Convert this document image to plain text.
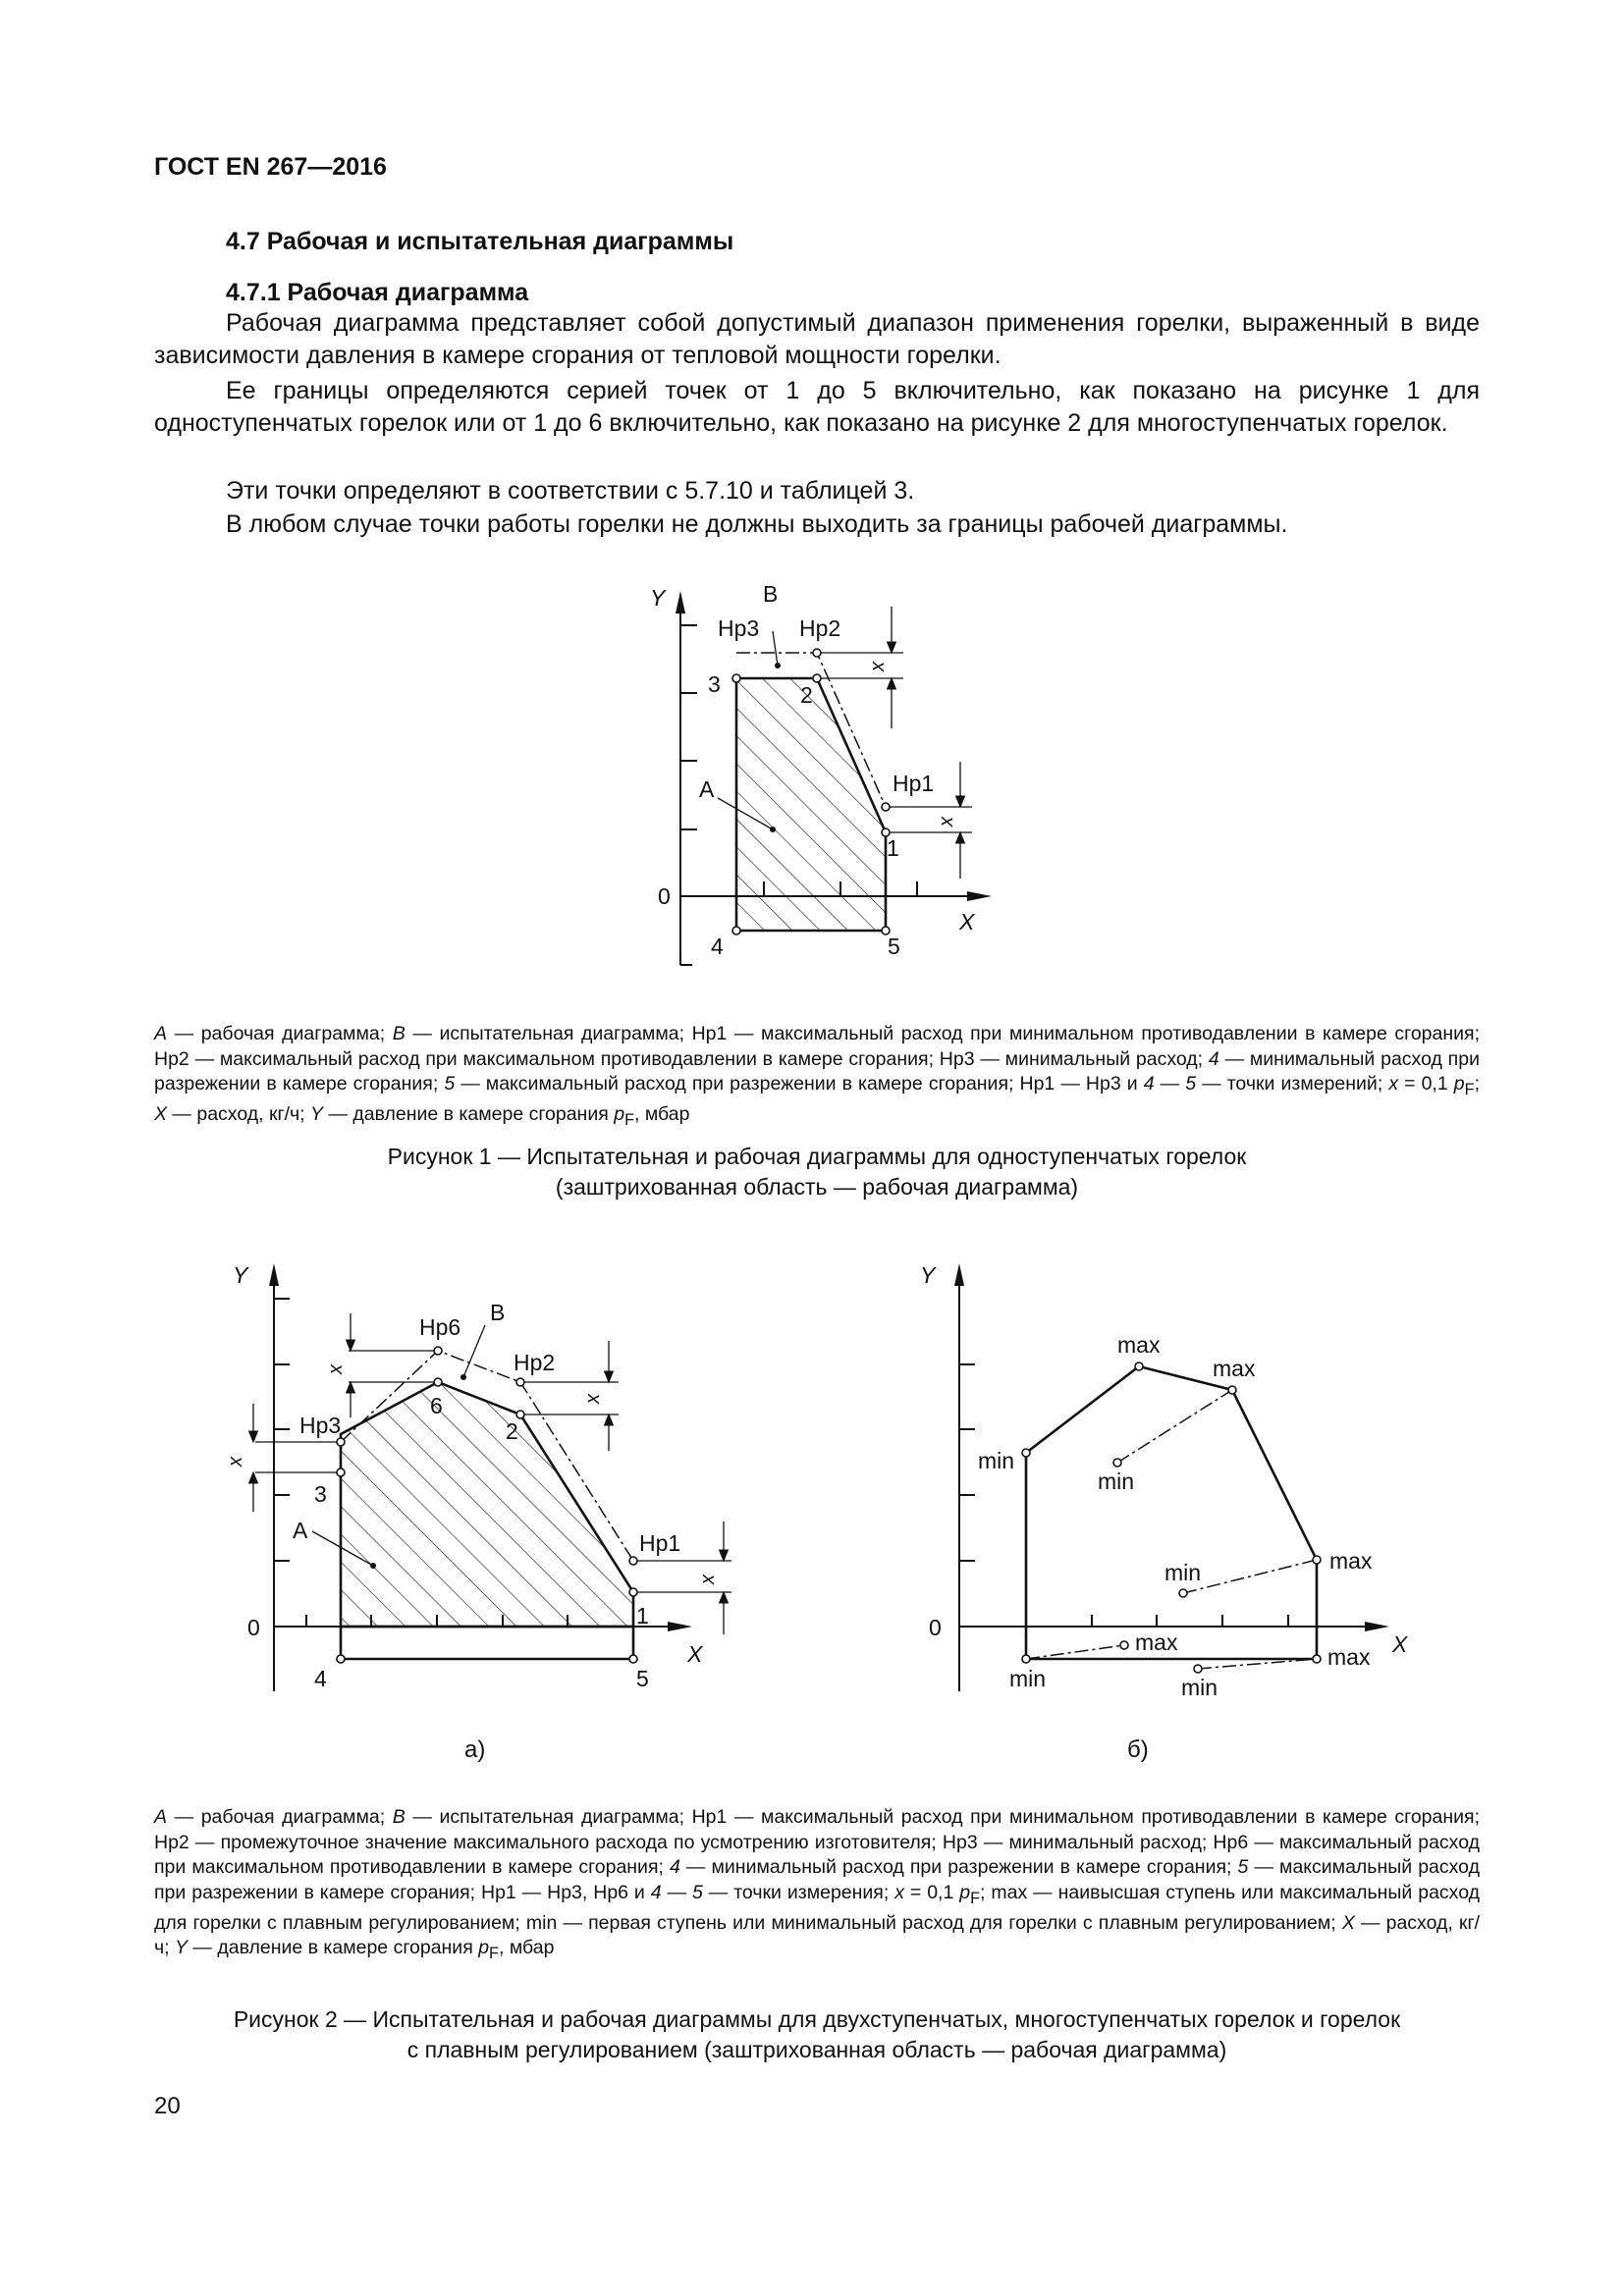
ГОСТ EN 267—2016
4.7 Рабочая и испытательная диаграммы
4.7.1 Рабочая диаграмма
Рабочая диаграмма представляет собой допустимый диапазон применения горелки, выраженный в виде зависимости давления в камере сгорания от тепловой мощности горелки.
Ее границы определяются серией точек от 1 до 5 включительно, как показано на рисунке 1 для одноступенчатых горелок или от 1 до 6 включительно, как показано на рисунке 2 для многоступенчатых горелок.
Эти точки определяют в соответствии с 5.7.10 и таблицей 3.
В любом случае точки работы горелки не должны выходить за границы рабочей диаграммы.
Y
X
0
B
Hp3 Hp2
Hp1
A
3	2
1
4	5
x
x
A — рабочая диаграмма; B — испытательная диаграмма; Hp1 — максимальный расход при минимальном противодавлении в камере сгорания; Hp2 — максимальный расход при максимальном противодавлении в камере сгорания; Hp3 — минимальный расход; 4 — минимальный расход при разрежении в камере сгорания; 5 — максимальный расход при разрежении в камере сгорания; Hp1 — Hp3 и 4 — 5 — точки измерений; x = 0,1 $p_F$; X — расход, кг/ч; Y — давление в камере сгорания $p_F$, мбар
Рисунок 1 — Испытательная и рабочая диаграммы для одноступенчатых горелок
(заштрихованная область — рабочая диаграмма)
Y
X
0
B
Hp6
Hp2
Hp3
Hp1
A
3
6
2
1
4	5
x
x
x
x
а)
Y
X
0
max
max
max
max
max
min
min
min
min	min
б)
A — рабочая диаграмма; B — испытательная диаграмма; Hp1 — максимальный расход при минимальном противодавлении в камере сгорания; Hp2 — промежуточное значение максимального расхода по усмотрению изготовителя; Hp3 — минимальный расход; Hp6 — максимальный расход при максимальном противодавлении в камере сгорания; 4 — минимальный расход при разрежении в камере сгорания; 5 — максимальный расход при разрежении в камере сгорания; Hp1 — Hp3, Hp6 и 4 — 5 — точки измерения; x = 0,1 $p_F$; max — наивысшая ступень или максимальный расход для горелки с плавным регулированием; min — первая ступень или минимальный расход для горелки с плавным регулированием; X — расход, кг/ч; Y — давление в камере сгорания $p_F$, мбар
Рисунок 2 — Испытательная и рабочая диаграммы для двухступенчатых, многоступенчатых горелок и горелок
с плавным регулированием (заштрихованная область — рабочая диаграмма)
20
